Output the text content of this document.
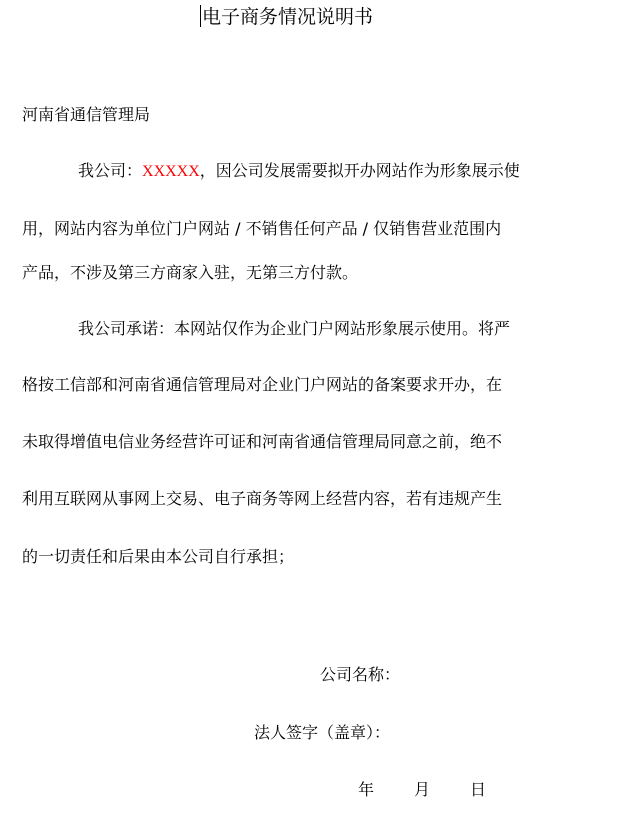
电子商务情况说明书
河南省通信管理局
我公司：XXXXX，因公司发展需要拟开办网站作为形象展示使
用，网站内容为单位门户网站 / 不销售任何产品 / 仅销售营业范围内
产品，不涉及第三方商家入驻，无第三方付款。
我公司承诺：本网站仅作为企业门户网站形象展示使用。将严
格按工信部和河南省通信管理局对企业门户网站的备案要求开办，在
未取得增值电信业务经营许可证和河南省通信管理局同意之前，绝不
利用互联网从事网上交易、电子商务等网上经营内容，若有违规产生
的一切责任和后果由本公司自行承担；
公司名称：
法人签字（盖章）：
年 月 日
